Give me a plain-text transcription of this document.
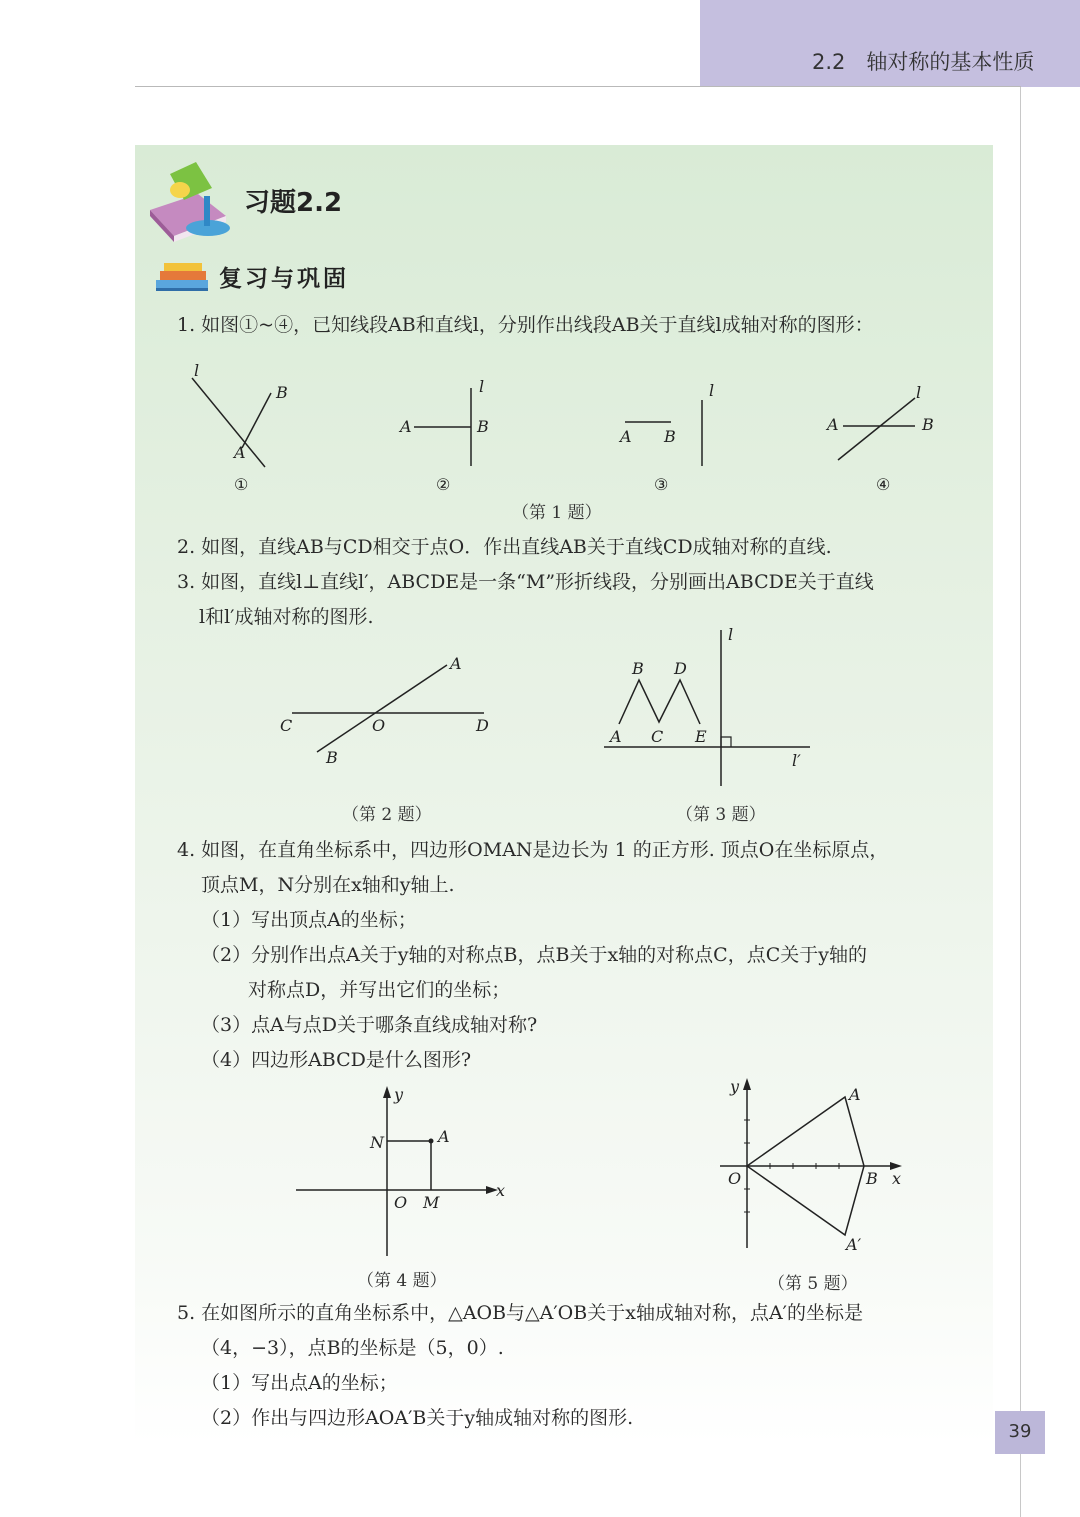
2.2　轴对称的基本性质
习题2.2
复习与巩固
1. 如图①~④，已知线段AB和直线l，分别作出线段AB关于直线l成轴对称的图形：
l
B
A
①
l
A	B
②
l
A B
③
l
A	B
④
（第 1 题）
2. 如图，直线AB与CD相交于点O．作出直线AB关于直线CD成轴对称的直线.
3. 如图，直线l⊥直线l′，ABCDE是一条“M”形折线段，分别画出ABCDE关于直线
l和l′成轴对称的图形.
A
C	O	D
B
（第 2 题）
l
l′
B D
A C E
（第 3 题）
4. 如图，在直角坐标系中，四边形OMAN是边长为 1 的正方形. 顶点O在坐标原点，
顶点M，N分别在x轴和y轴上.
（1）写出顶点A的坐标；
（2）分别作出点A关于y轴的对称点B，点B关于x轴的对称点C，点C关于y轴的
对称点D，并写出它们的坐标；
（3）点A与点D关于哪条直线成轴对称?
（4）四边形ABCD是什么图形?
y
N	A
O M
x
（第 4 题）
y	A
O	B x
A′
（第 5 题）
5. 在如图所示的直角坐标系中，△AOB与△A′OB关于x轴成轴对称，点A′的坐标是
（4，−3），点B的坐标是（5，0）.
（1）写出点A的坐标；
（2）作出与四边形AOA′B关于y轴成轴对称的图形.
39
